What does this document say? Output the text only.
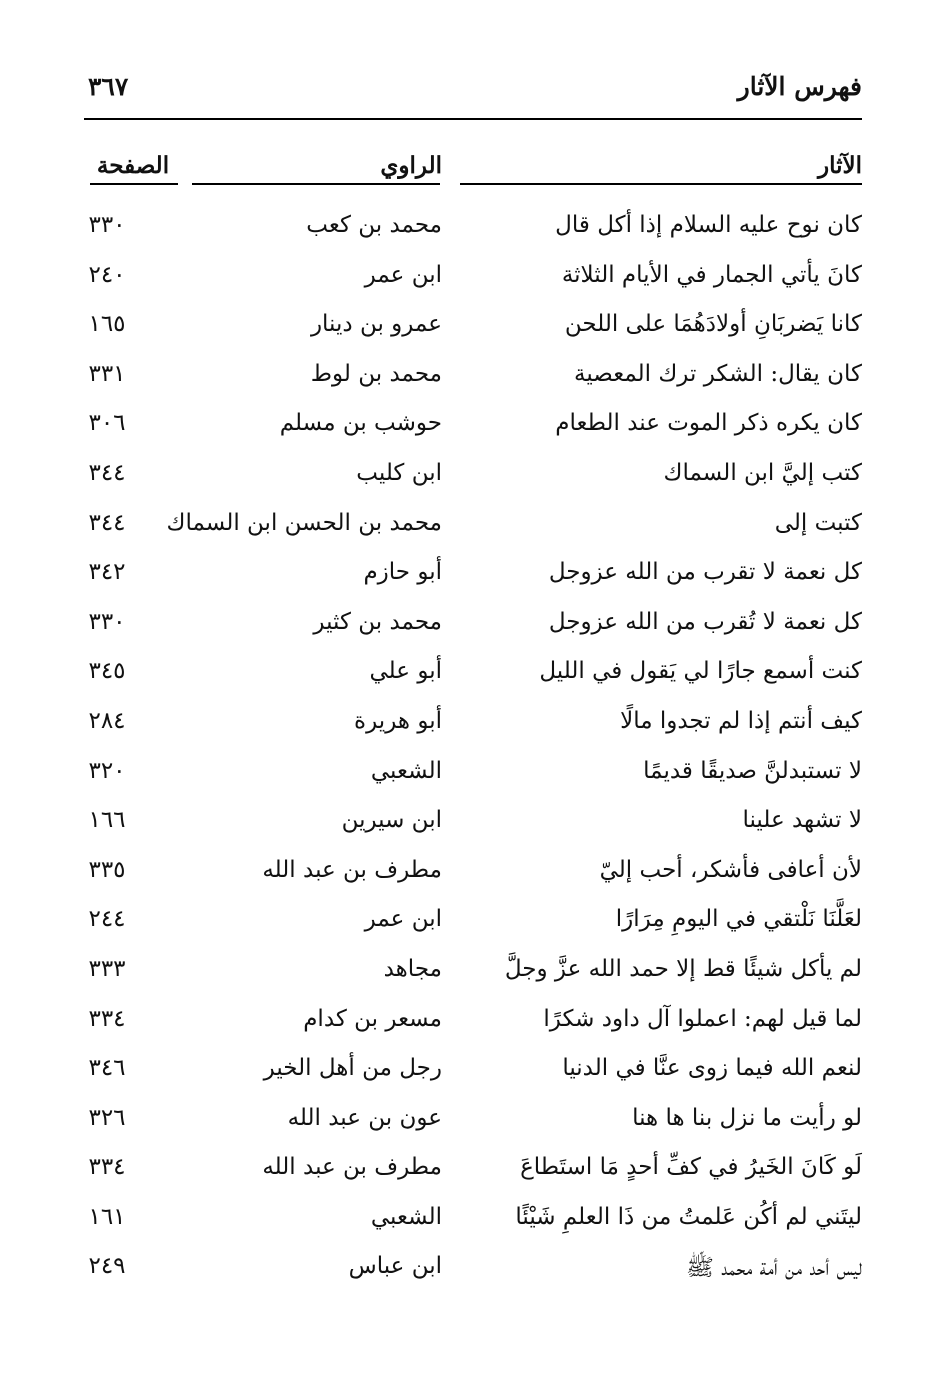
٣٦٧	فهرس الآثار
الآثار
الراوي
الصفحة
كان نوح عليه السلام إذا أكل قال
محمد بن كعب
٣٣٠
كانَ يأتي الجمار في الأيام الثلاثة
ابن عمر
٢٤٠
كانا يَضربَانِ أولادَهُمَا على اللحن
عمرو بن دينار
١٦٥
كان يقال: الشكر ترك المعصية
محمد بن لوط
٣٣١
كان يكره ذكر الموت عند الطعام
حوشب بن مسلم
٣٠٦
كتب إليَّ ابن السماك
ابن كليب
٣٤٤
كتبت إلى
محمد بن الحسن ابن السماك
٣٤٤
كل نعمة لا تقرب من الله عزوجل
أبو حازم
٣٤٢
كل نعمة لا تُقرب من الله عزوجل
محمد بن كثير
٣٣٠
كنت أسمع جارًا لي يَقول في الليل
أبو علي
٣٤٥
كيف أنتم إذا لم تجدوا مالًا
أبو هريرة
٢٨٤
لا تستبدلنَّ صديقًا قديمًا
الشعبي
٣٢٠
لا تشهد علينا
ابن سيرين
١٦٦
لأن أعافى فأشكر، أحب إليّ
مطرف بن عبد الله
٣٣٥
لعَلَّنَا نَلْتقي في اليومِ مِرَارًا
ابن عمر
٢٤٤
لم يأكل شيئًا قط إلا حمد الله عزَّ وجلَّ
مجاهد
٣٣٣
لما قيل لهم: اعملوا آل داود شكرًا
مسعر بن كدام
٣٣٤
لنعم الله فيما زوى عنَّا في الدنيا
رجل من أهل الخير
٣٤٦
لو رأيت ما نزل بنا ها هنا
عون بن عبد الله
٣٢٦
لَو كَانَ الخَيرُ في كفِّ أحدٍ مَا استَطاعَ
مطرف بن عبد الله
٣٣٤
ليتَني لم أكُن عَلمتُ من ذَا العلمِ شَيْئًا
الشعبي
١٦١
ليس أحد من أمة محمد ﷺ
ابن عباس
٢٤٩
